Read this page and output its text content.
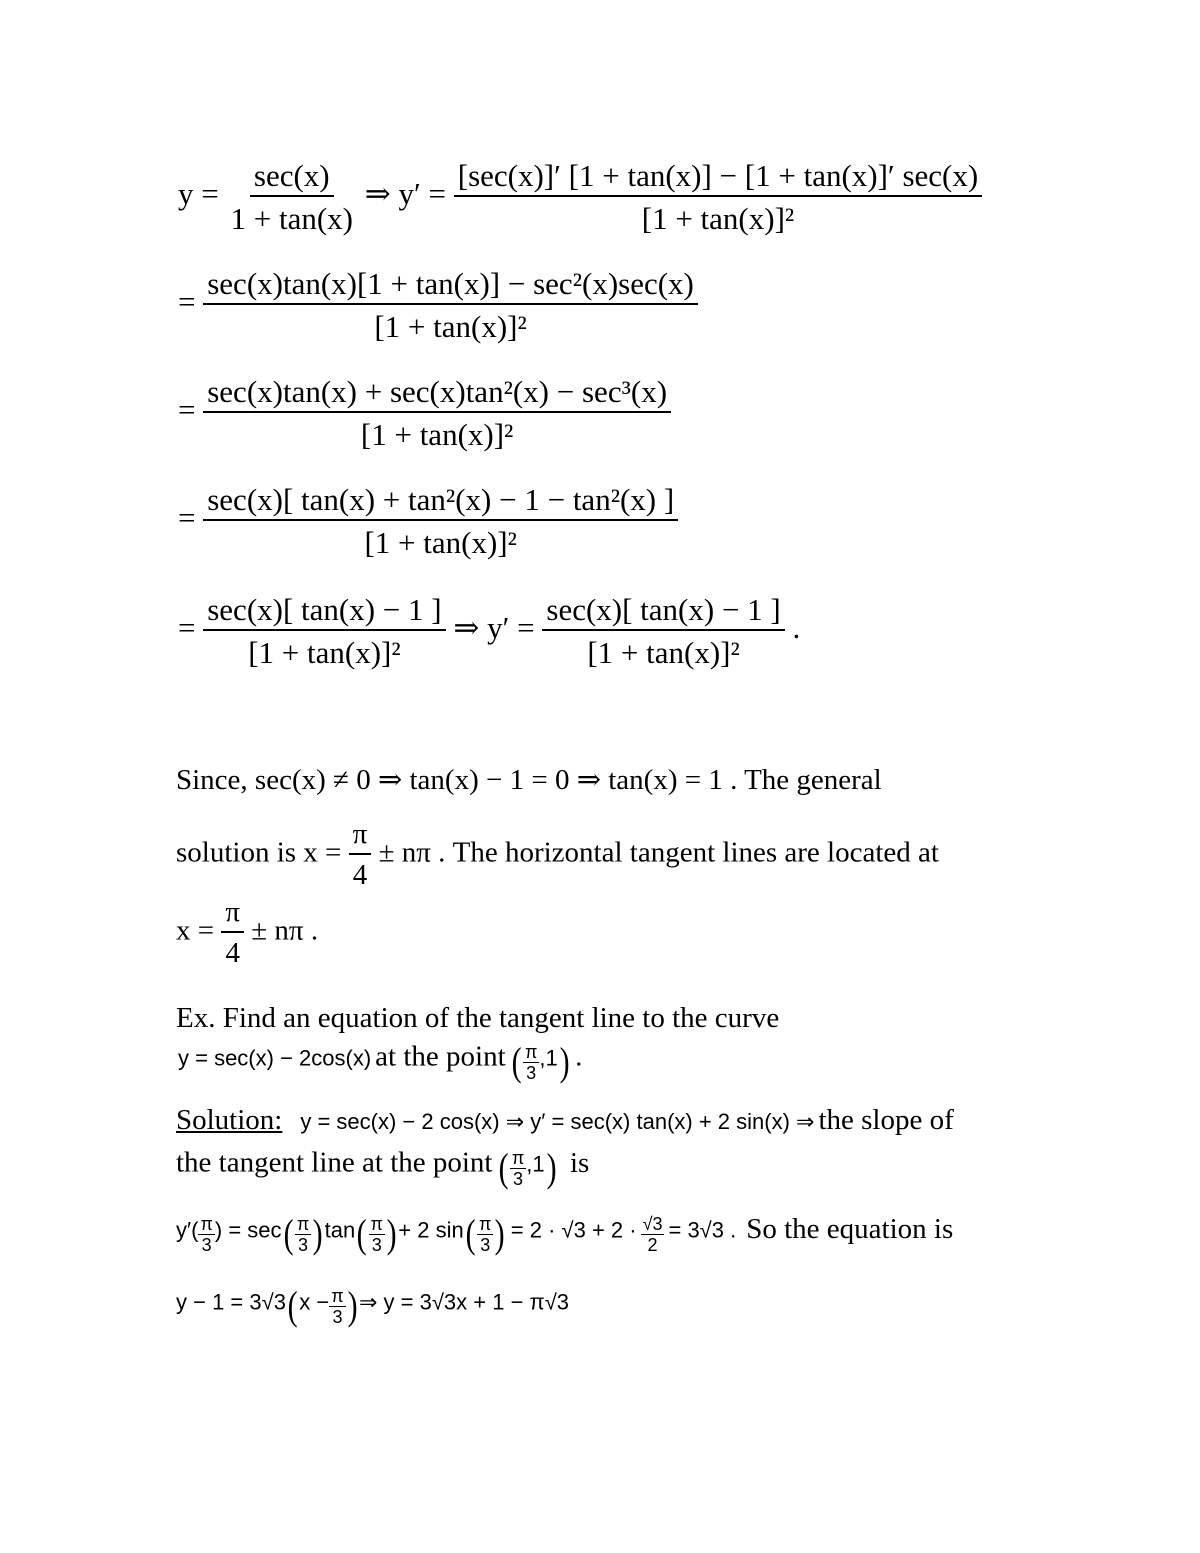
$y = \frac{\sec(x)}{1 + \tan(x)}$ ⇒ $y' = \frac{[\sec(x)]' [1 + \tan(x)] - [1 + \tan(x)]' \sec(x)}{\text{[1 + tan(x)]²}}$
= $\frac{\text{sec(x)tan(x)[1 + tan(x)] − sec²(x)sec(x)}}{\text{[1 + tan(x)]²}}$
= $\frac{\text{sec(x)tan(x) + sec(x)tan²(x) − sec³(x)}}{\text{[1 + tan(x)]²}}$
= $\frac{\text{sec(x)[ tan(x) + tan²(x) − 1 − tan²(x) ]}}{\text{[1 + tan(x)]²}}$
= $\frac{\sec(x)[ \tan(x) - 1 ]}{\text{[1 + tan(x)]²}}$ ⇒ $y' = \frac{\sec(x)[ \tan(x) - 1 ]}{\text{[1 + tan(x)]²}}$ .
Since, sec(x) ≠ 0 ⇒ tan(x) − 1 = 0 ⇒ tan(x) = 1 . The general
solution is $x = \frac{\pi}{4} \pm n\pi$ . The horizontal tangent lines are located at
$x = \frac{\pi}{4} \pm n\pi$ .
Ex. Find an equation of the tangent line to the curve
y = sec(x) − 2cos(x) at the point ( $\frac{\pi}{3} ,1$) .
Solution: y = sec(x) − 2 cos(x) ⇒ y′ = sec(x) tan(x) + 2 sin(x) ⇒ the slope of
the tangent line at the point ( $\frac{\pi}{3} ,1$) is
$y'( \frac{\pi}{3}$ ) = $\sec( \frac{\pi}{3} )\tan( \frac{\pi}{3}$ )+ 2 $\sin( \frac{\pi}{3}$ ) = $2 \cdot √3 + 2 \cdot \frac{√3}{2} = 3√3$ . So the equation is
$y - 1 = 3√3(x - \frac{\pi}{3}$ )⇒ y = 3√3x + 1 − π√3
